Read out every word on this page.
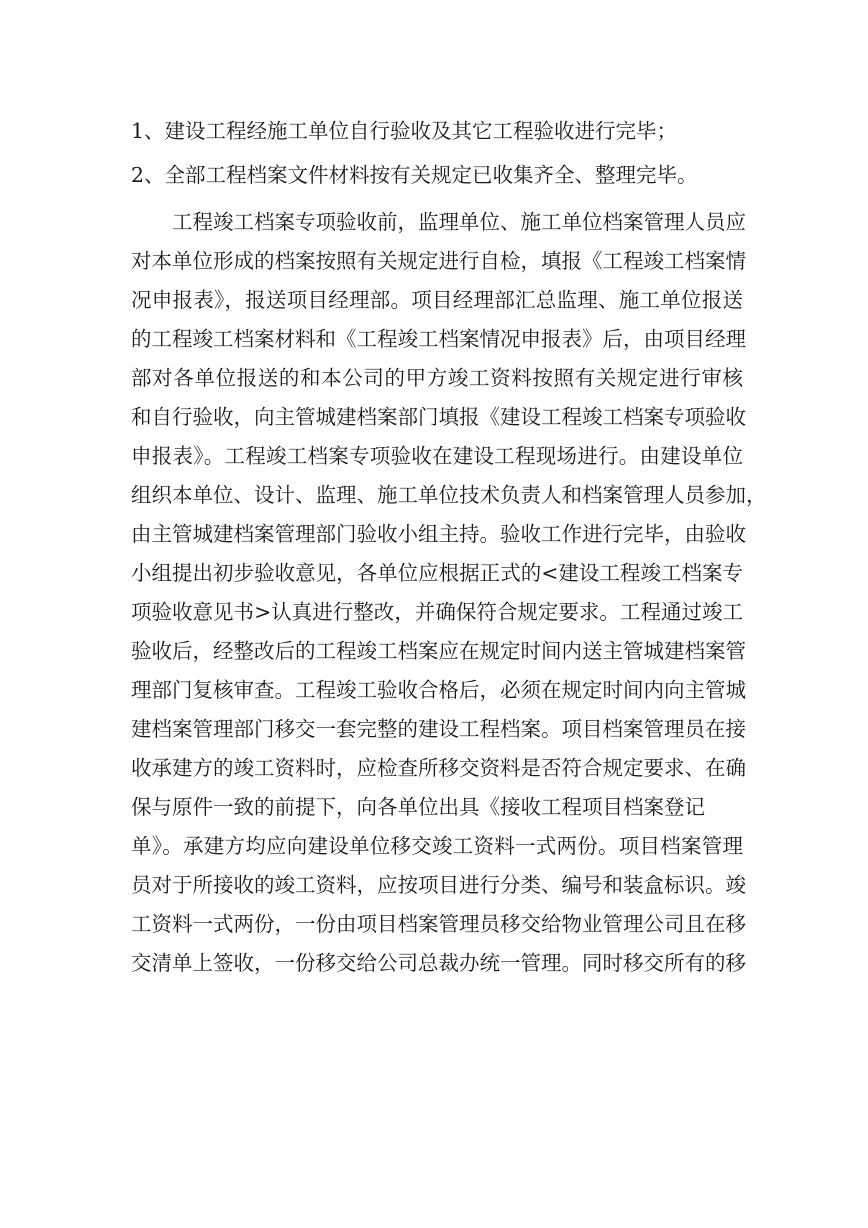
1、建设工程经施工单位自行验收及其它工程验收进行完毕；
2、全部工程档案文件材料按有关规定已收集齐全、整理完毕。
工程竣工档案专项验收前，监理单位、施工单位档案管理人员应
对本单位形成的档案按照有关规定进行自检，填报《工程竣工档案情
况申报表》，报送项目经理部。项目经理部汇总监理、施工单位报送
的工程竣工档案材料和《工程竣工档案情况申报表》后，由项目经理
部对各单位报送的和本公司的甲方竣工资料按照有关规定进行审核
和自行验收，向主管城建档案部门填报《建设工程竣工档案专项验收
申报表》。工程竣工档案专项验收在建设工程现场进行。由建设单位
组织本单位、设计、监理、施工单位技术负责人和档案管理人员参加，
由主管城建档案管理部门验收小组主持。验收工作进行完毕，由验收
小组提出初步验收意见，各单位应根据正式的<建设工程竣工档案专
项验收意见书>认真进行整改，并确保符合规定要求。工程通过竣工
验收后，经整改后的工程竣工档案应在规定时间内送主管城建档案管
理部门复核审查。工程竣工验收合格后，必须在规定时间内向主管城
建档案管理部门移交一套完整的建设工程档案。项目档案管理员在接
收承建方的竣工资料时，应检查所移交资料是否符合规定要求、在确
保与原件一致的前提下，向各单位出具《接收工程项目档案登记
单》。承建方均应向建设单位移交竣工资料一式两份。项目档案管理
员对于所接收的竣工资料，应按项目进行分类、编号和装盒标识。竣
工资料一式两份，一份由项目档案管理员移交给物业管理公司且在移
交清单上签收，一份移交给公司总裁办统一管理。同时移交所有的移
